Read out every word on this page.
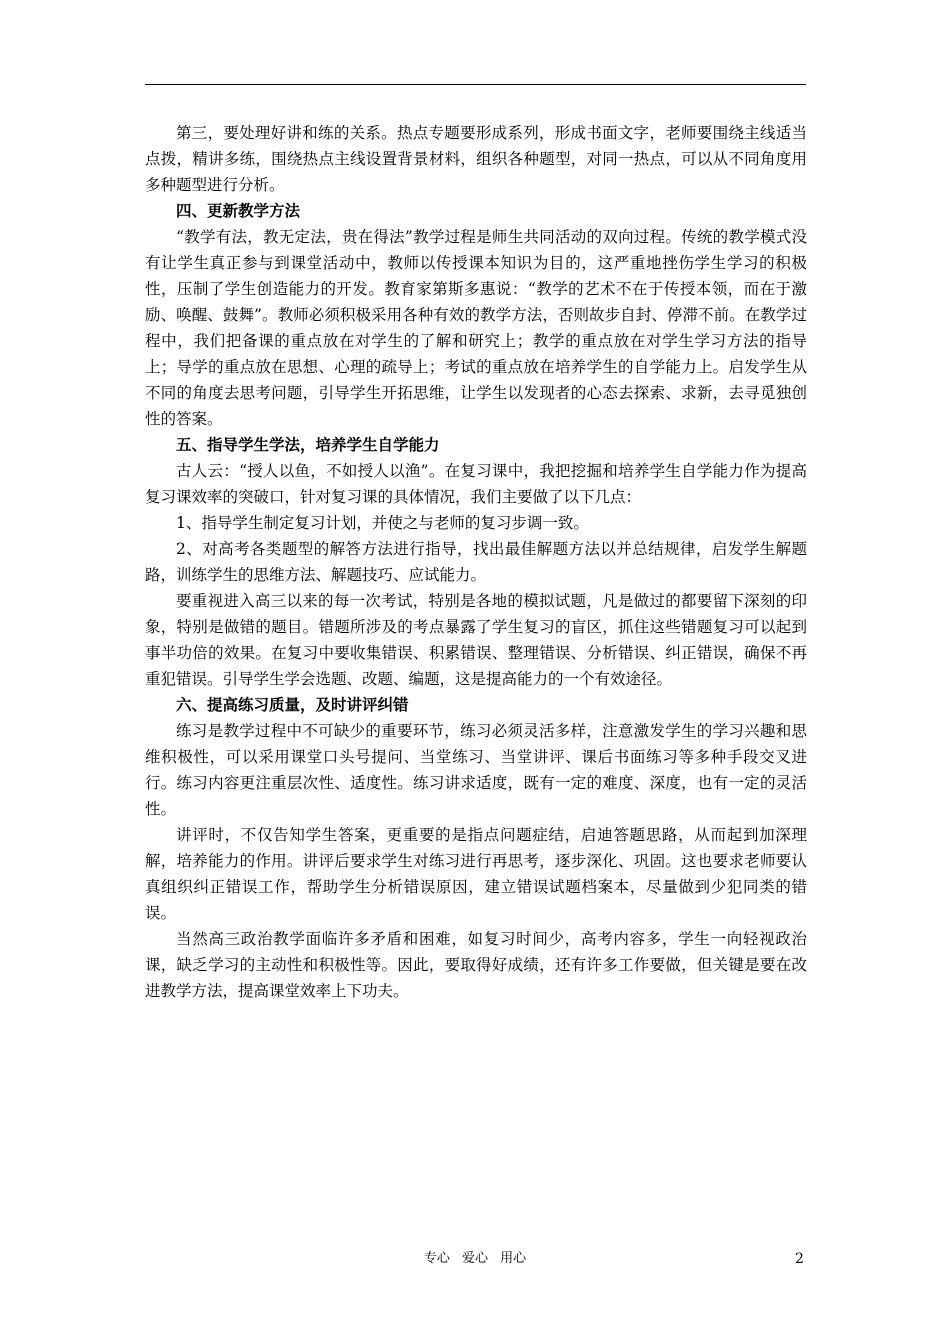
第三，要处理好讲和练的关系。热点专题要形成系列，形成书面文字，老师要围绕主线适当点拨，精讲多练，围绕热点主线设置背景材料，组织各种题型，对同一热点，可以从不同角度用多种题型进行分析。

四、更新教学方法

“教学有法，教无定法，贵在得法”教学过程是师生共同活动的双向过程。传统的教学模式没有让学生真正参与到课堂活动中，教师以传授课本知识为目的，这严重地挫伤学生学习的积极性，压制了学生创造能力的开发。教育家第斯多惠说：“教学的艺术不在于传授本领，而在于激励、唤醒、鼓舞”。教师必须积极采用各种有效的教学方法，否则故步自封、停滞不前。在教学过程中，我们把备课的重点放在对学生的了解和研究上；教学的重点放在对学生学习方法的指导上；导学的重点放在思想、心理的疏导上；考试的重点放在培养学生的自学能力上。启发学生从不同的角度去思考问题，引导学生开拓思维，让学生以发现者的心态去探索、求新，去寻觅独创性的答案。

五、指导学生学法，培养学生自学能力

古人云：“授人以鱼，不如授人以渔”。在复习课中，我把挖掘和培养学生自学能力作为提高复习课效率的突破口，针对复习课的具体情况，我们主要做了以下几点：

1、指导学生制定复习计划，并使之与老师的复习步调一致。

2、对高考各类题型的解答方法进行指导，找出最佳解题方法以并总结规律，启发学生解题路，训练学生的思维方法、解题技巧、应试能力。

要重视进入高三以来的每一次考试，特别是各地的模拟试题，凡是做过的都要留下深刻的印象，特别是做错的题目。错题所涉及的考点暴露了学生复习的盲区，抓住这些错题复习可以起到事半功倍的效果。在复习中要收集错误、积累错误、整理错误、分析错误、纠正错误，确保不再重犯错误。引导学生学会选题、改题、编题，这是提高能力的一个有效途径。

六、提高练习质量，及时讲评纠错

练习是教学过程中不可缺少的重要环节，练习必须灵活多样，注意激发学生的学习兴趣和思维积极性，可以采用课堂口头号提问、当堂练习、当堂讲评、课后书面练习等多种手段交叉进行。练习内容更注重层次性、适度性。练习讲求适度，既有一定的难度、深度，也有一定的灵活性。

讲评时，不仅告知学生答案，更重要的是指点问题症结，启迪答题思路，从而起到加深理解，培养能力的作用。讲评后要求学生对练习进行再思考，逐步深化、巩固。这也要求老师要认真组织纠正错误工作，帮助学生分析错误原因，建立错误试题档案本，尽量做到少犯同类的错误。

当然高三政治教学面临许多矛盾和困难，如复习时间少，高考内容多，学生一向轻视政治课，缺乏学习的主动性和积极性等。因此，要取得好成绩，还有许多工作要做，但关键是要在改进教学方法，提高课堂效率上下功夫。

专心 爱心 用心	2
